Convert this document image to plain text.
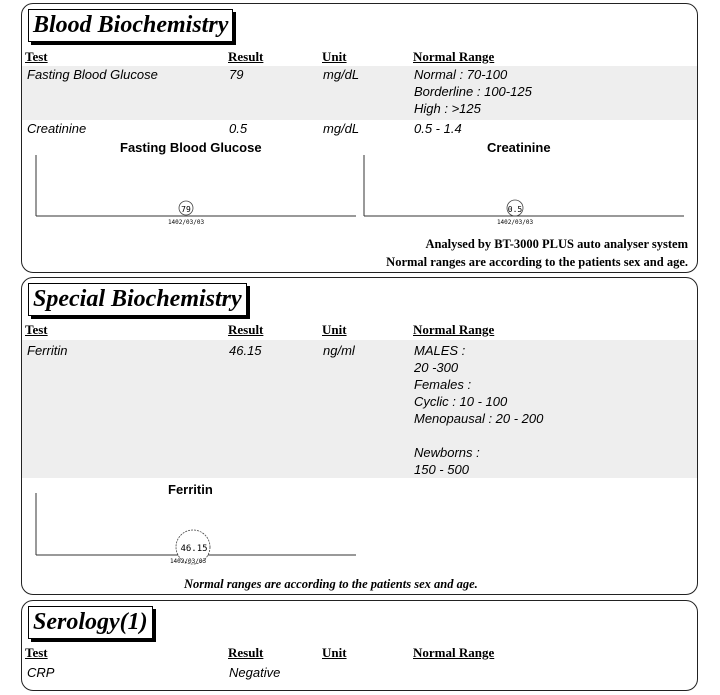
Blood Biochemistry
Test	Result	Unit	Normal Range
Fasting Blood Glucose	79	mg/dL	Normal : 70-100
Borderline : 100-125
High : >125
Creatinine	0.5	mg/dL	0.5 - 1.4
Fasting Blood Glucose
79
1402/03/03
Creatinine
0.5
1402/03/03
Analysed by BT-3000 PLUS auto analyser system
Normal ranges are according to the patients sex and age.
Special Biochemistry
Test	Result	Unit	Normal Range
Ferritin	46.15	ng/ml	MALES :
20 -300
Females :
Cyclic : 10 - 100
Menopausal : 20 - 200
Newborns :
150 - 500
Ferritin
46.15
1402/03/03
Normal ranges are according to the patients sex and age.
Serology(1)
Test	Result	Unit	Normal Range
CRP	Negative
